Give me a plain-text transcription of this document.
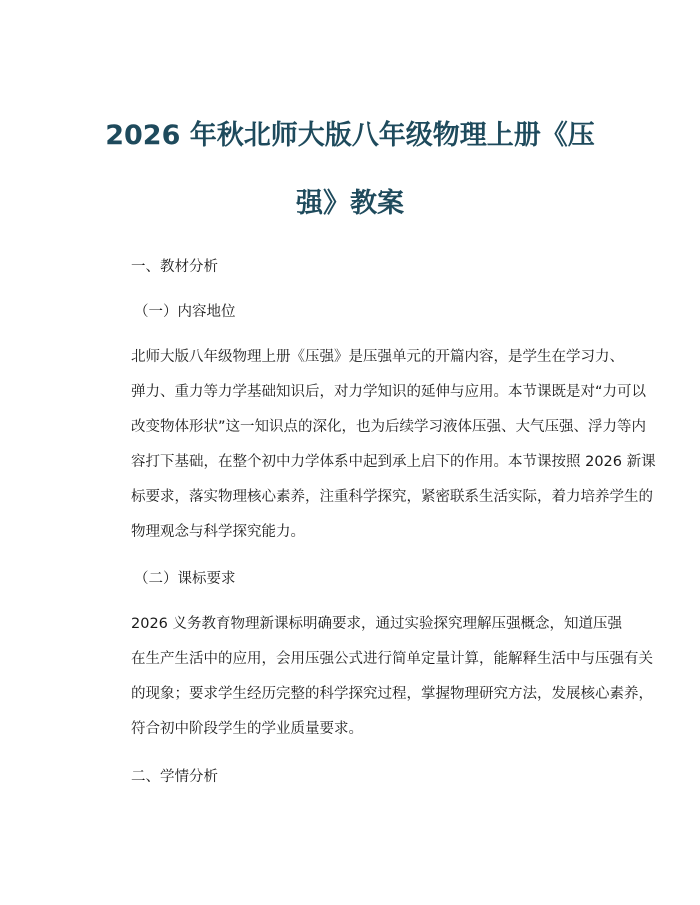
2026 年秋北师大版八年级物理上册《压
强》教案
一、教材分析
（一）内容地位
北师大版八年级物理上册《压强》是压强单元的开篇内容，是学生在学习力、
弹力、重力等力学基础知识后，对力学知识的延伸与应用。本节课既是对“力可以
改变物体形状”这一知识点的深化，也为后续学习液体压强、大气压强、浮力等内
容打下基础，在整个初中力学体系中起到承上启下的作用。本节课按照 2026 新课
标要求，落实物理核心素养，注重科学探究，紧密联系生活实际，着力培养学生的
物理观念与科学探究能力。
（二）课标要求
2026 义务教育物理新课标明确要求，通过实验探究理解压强概念，知道压强
在生产生活中的应用，会用压强公式进行简单定量计算，能解释生活中与压强有关
的现象；要求学生经历完整的科学探究过程，掌握物理研究方法，发展核心素养，
符合初中阶段学生的学业质量要求。
二、学情分析
